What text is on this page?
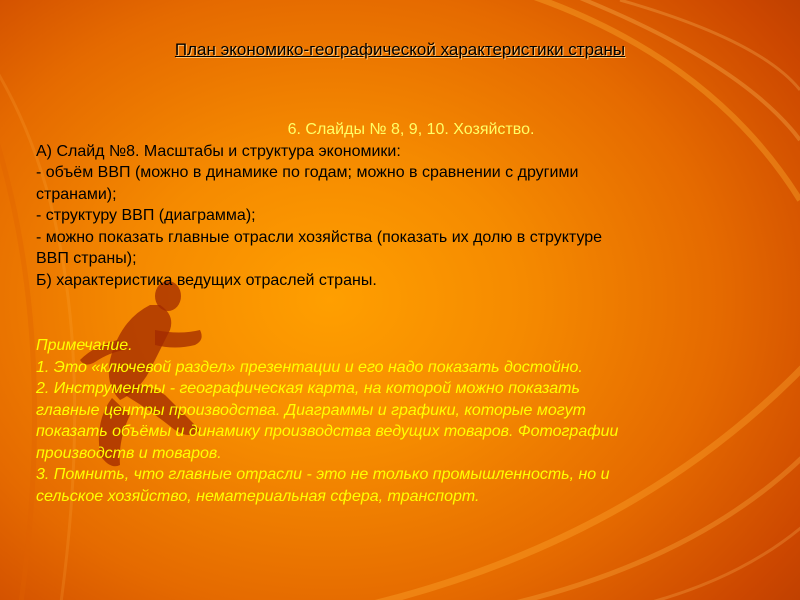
План экономико-географической характеристики страны
6. Слайды № 8, 9, 10. Хозяйство.
А) Слайд №8. Масштабы и структура экономики:
- объём ВВП (можно в динамике по годам; можно в сравнении с другими
странами);
- структуру ВВП (диаграмма);
- можно показать главные отрасли хозяйства (показать их долю в структуре
ВВП страны);
Б) характеристика ведущих отраслей страны.
Примечание.
1. Это «ключевой раздел» презентации и его надо показать достойно.
2. Инструменты - географическая карта, на которой можно показать
главные центры производства. Диаграммы и графики, которые могут
показать объёмы и динамику производства ведущих товаров. Фотографии
производств и товаров.
3. Помнить, что главные отрасли - это не только промышленность, но и
сельское хозяйство, нематериальная сфера, транспорт.
